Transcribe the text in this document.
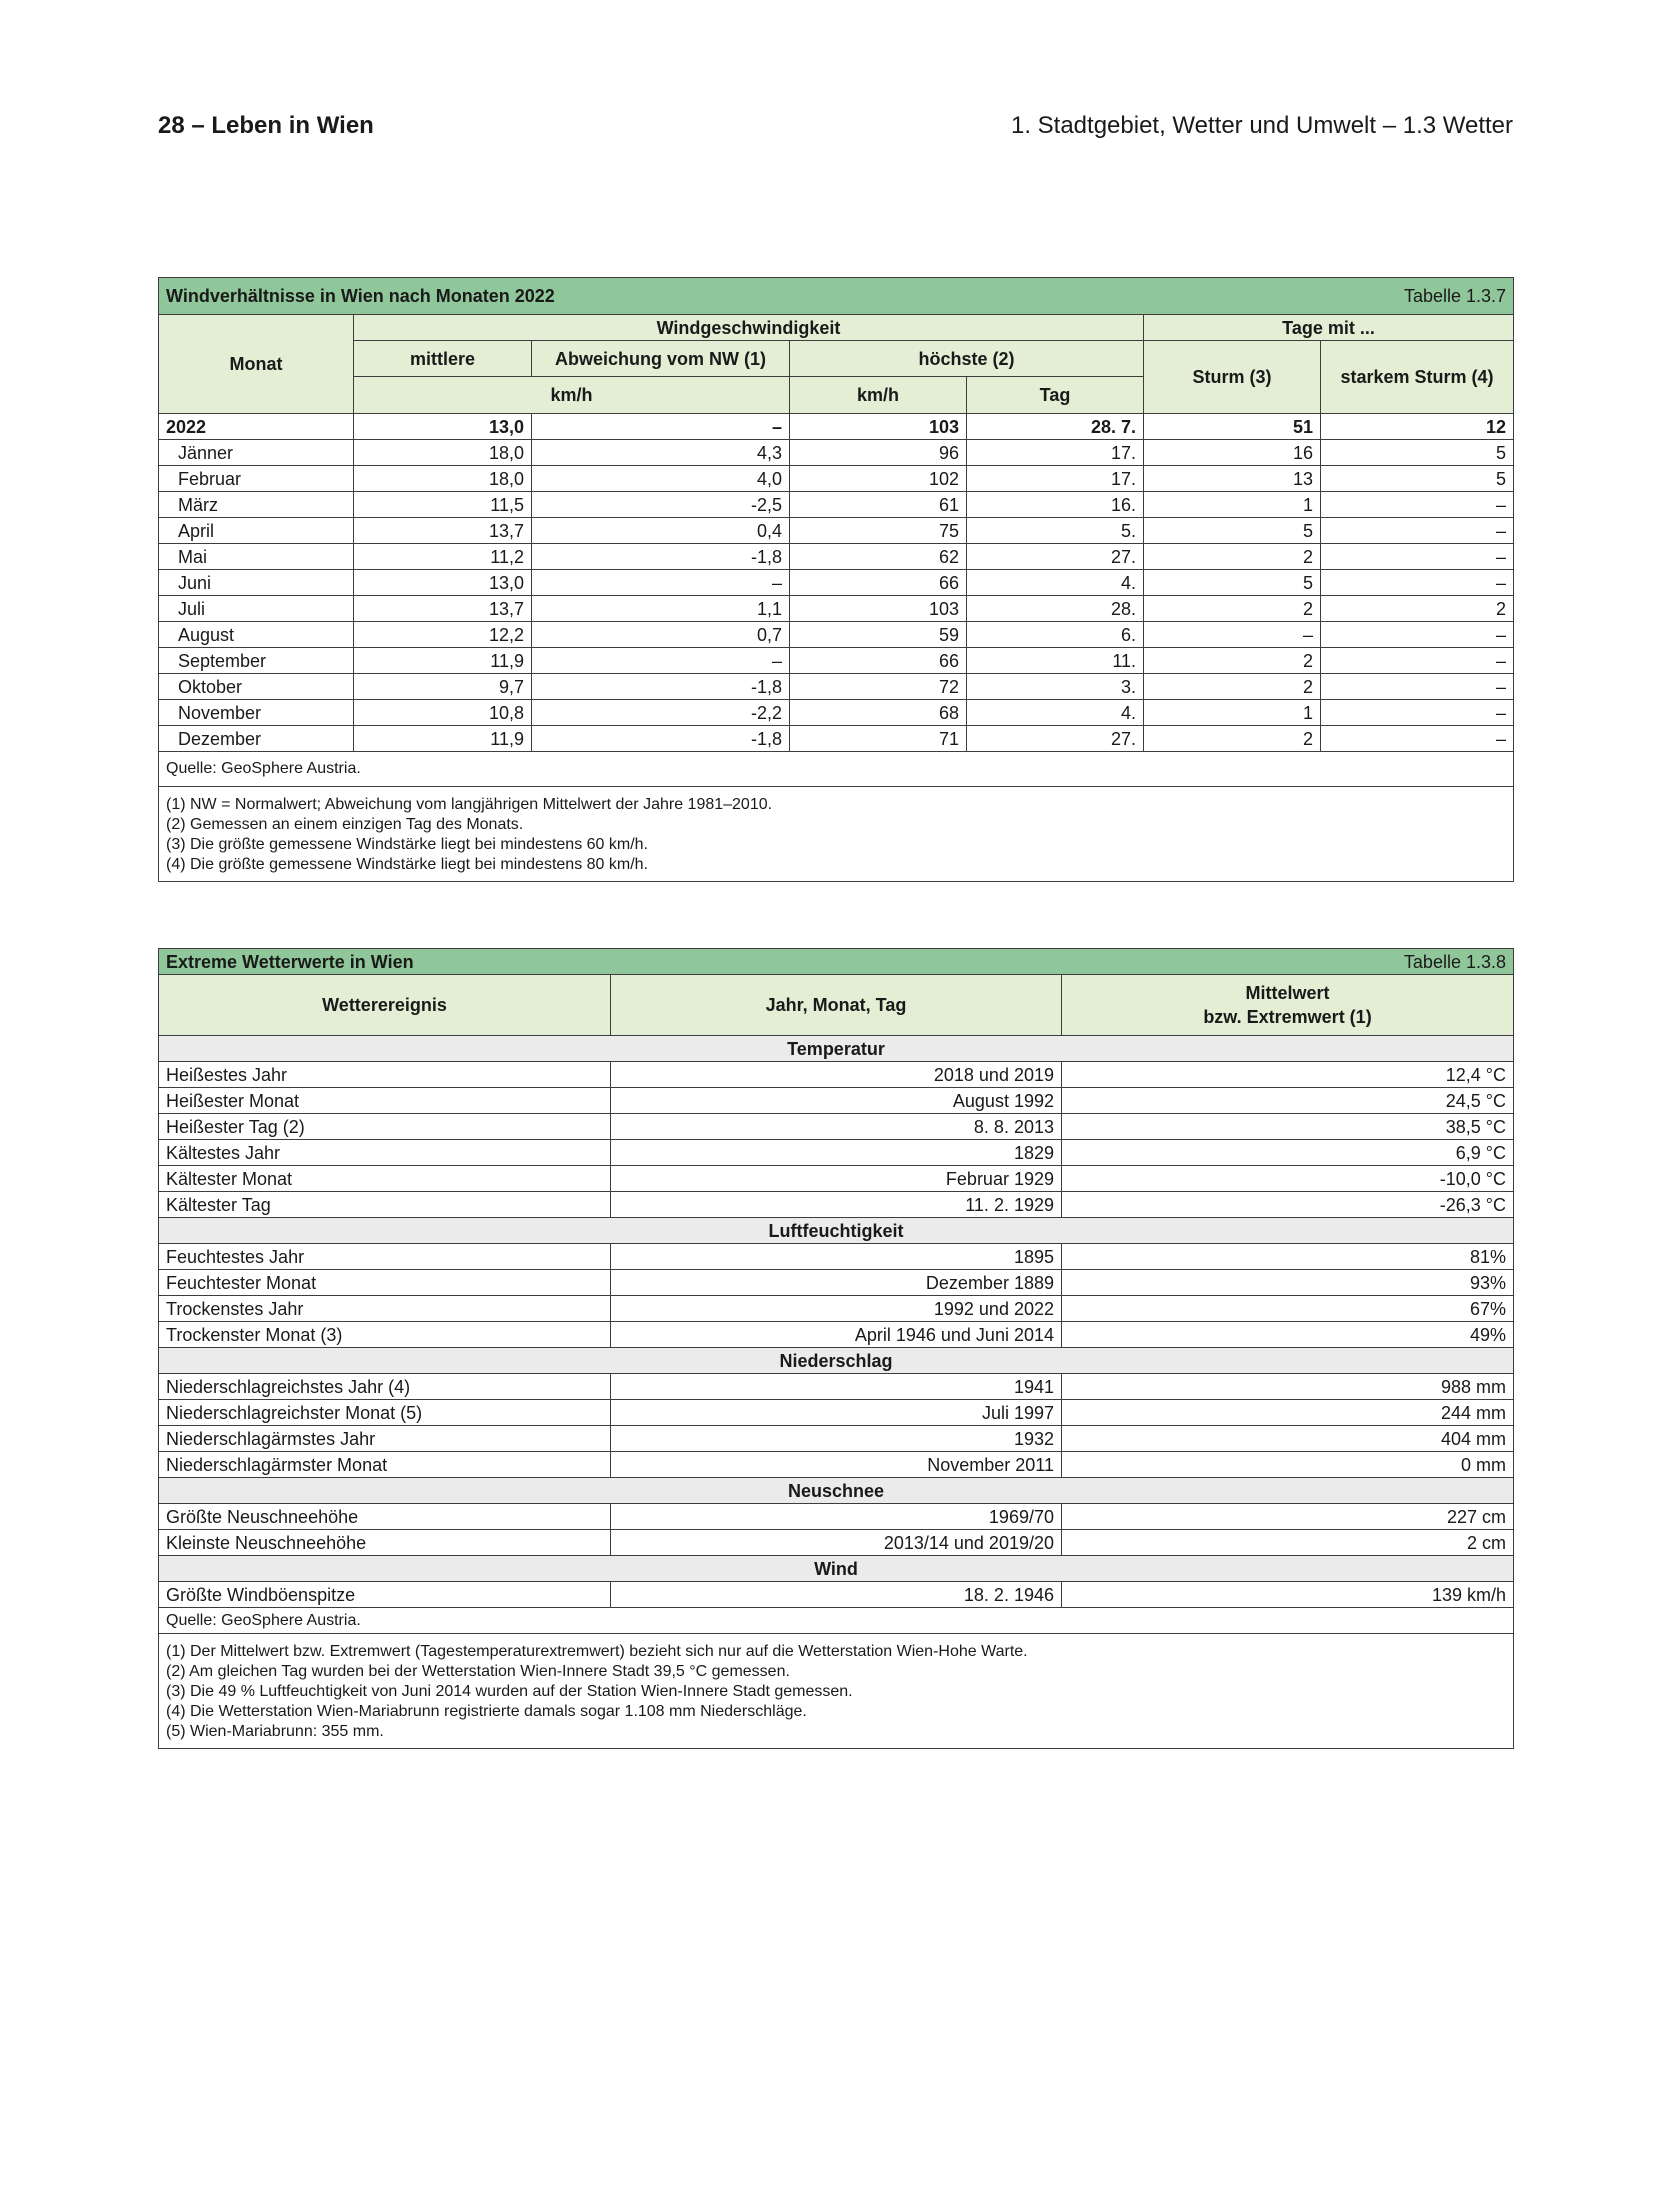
28 – Leben in Wien	1. Stadtgebiet, Wetter und Umwelt – 1.3 Wetter
Windverhältnisse in Wien nach Monaten 2022					Tabelle 1.3.7	
Monat	Windgeschwindigkeit				Tage mit ...	
	mittlere	Abweichung vom NW (1)	höchste (2)		Sturm (3)	starkem Sturm (4)
	km/h		km/h	Tag		
2022	13,0	–	103	28. 7.	51	12
Jänner	18,0	4,3	96	17.	16	5
Februar	18,0	4,0	102	17.	13	5
März	11,5	-2,5	61	16.	1	–
April	13,7	0,4	75	5.	5	–
Mai	11,2	-1,8	62	27.	2	–
Juni	13,0	–	66	4.	5	–
Juli	13,7	1,1	103	28.	2	2
August	12,2	0,7	59	6.	–	–
September	11,9	–	66	11.	2	–
Oktober	9,7	-1,8	72	3.	2	–
November	10,8	-2,2	68	4.	1	–
Dezember	11,9	-1,8	71	27.	2	–
Quelle: GeoSphere Austria.						

(1) NW = Normalwert; Abweichung vom langjährigen Mittelwert der Jahre 1981–2010.
(2) Gemessen an einem einzigen Tag des Monats.
(3) Die größte gemessene Windstärke liegt bei mindestens 60 km/h.
(4) Die größte gemessene Windstärke liegt bei mindestens 80 km/h.						
Extreme Wetterwerte in Wien		Tabelle 1.3.8
Wetterereignis	Jahr, Monat, Tag	Mittelwert
bzw. Extremwert (1)

Temperatur		
Heißestes Jahr	2018 und 2019	12,4 °C
Heißester Monat	August 1992	24,5 °C
Heißester Tag (2)	8. 8. 2013	38,5 °C
Kältestes Jahr	1829	6,9 °C
Kältester Monat	Februar 1929	-10,0 °C
Kältester Tag	11. 2. 1929	-26,3 °C
Luftfeuchtigkeit		
Feuchtestes Jahr	1895	81%
Feuchtester Monat	Dezember 1889	93%
Trockenstes Jahr	1992 und 2022	67%
Trockenster Monat (3)	April 1946 und Juni 2014	49%
Niederschlag		
Niederschlagreichstes Jahr (4)	1941	988 mm
Niederschlagreichster Monat (5)	Juli 1997	244 mm
Niederschlagärmstes Jahr	1932	404 mm
Niederschlagärmster Monat	November 2011	0 mm
Neuschnee		
Größte Neuschneehöhe	1969/70	227 cm
Kleinste Neuschneehöhe	2013/14 und 2019/20	2 cm
Wind		
Größte Windböenspitze	18. 2. 1946	139 km/h
Quelle: GeoSphere Austria.		

(1) Der Mittelwert bzw. Extremwert (Tagestemperaturextremwert) bezieht sich nur auf die Wetterstation Wien-Hohe Warte.
(2) Am gleichen Tag wurden bei der Wetterstation Wien-Innere Stadt 39,5 °C gemessen.
(3) Die 49 % Luftfeuchtigkeit von Juni 2014 wurden auf der Station Wien-Innere Stadt gemessen.
(4) Die Wetterstation Wien-Mariabrunn registrierte damals sogar 1.108 mm Niederschläge.
(5) Wien-Mariabrunn: 355 mm.		
